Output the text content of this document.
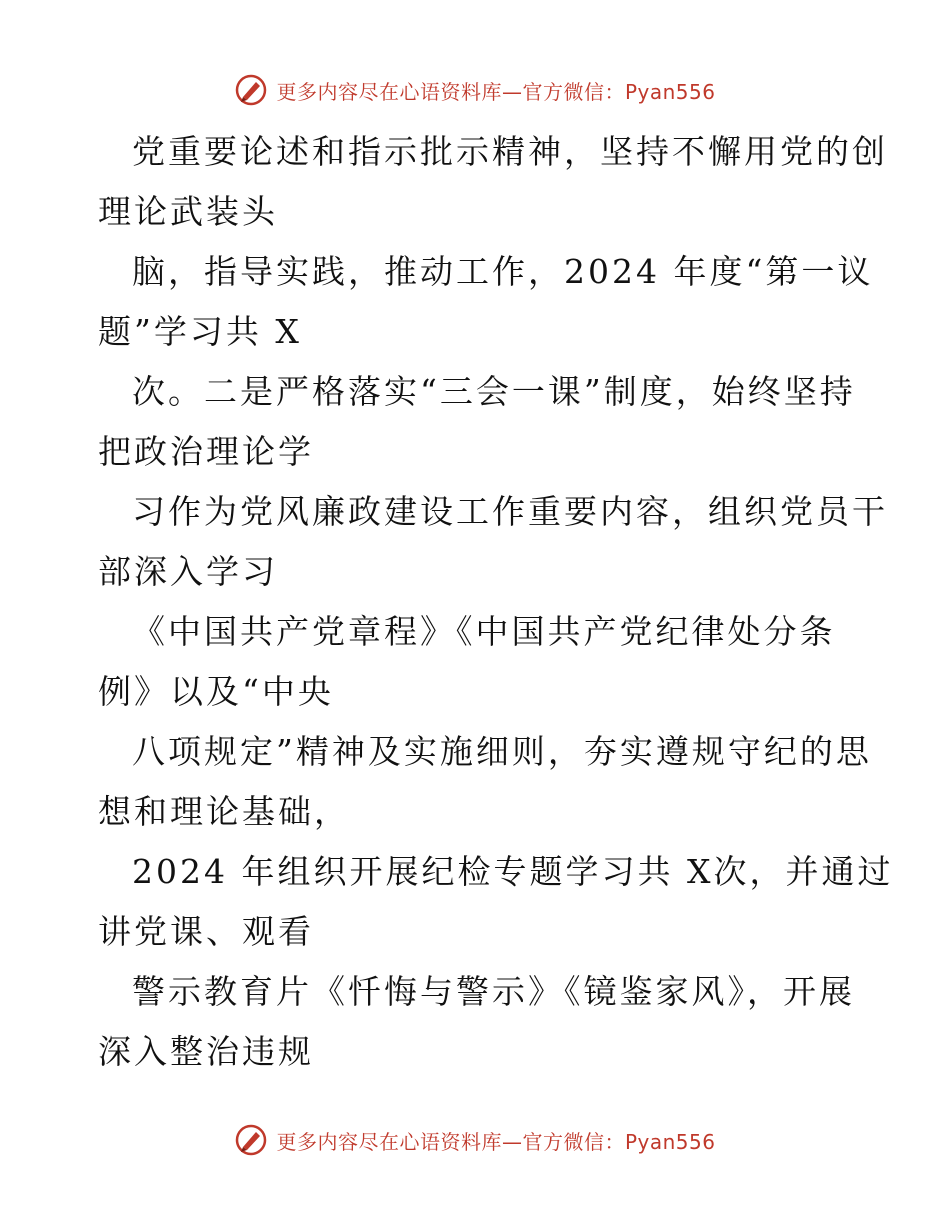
更多内容尽在心语资料库—官方微信：Pyan556

党重要论述和指示批示精神，坚持不懈用党的创
理论武装头

脑，指导实践，推动工作，2024 年度“第一议
题”学习共 X

次。二是严格落实“三会一课”制度，始终坚持
把政治理论学

习作为党风廉政建设工作重要内容，组织党员干
部深入学习

《中国共产党章程》《中国共产党纪律处分条
例》以及“中央

八项规定”精神及实施细则，夯实遵规守纪的思
想和理论基础，

2024 年组织开展纪检专题学习共 X次，并通过
讲党课、观看

警示教育片《忏悔与警示》《镜鉴家风》，开展
深入整治违规

更多内容尽在心语资料库—官方微信：Pyan556
